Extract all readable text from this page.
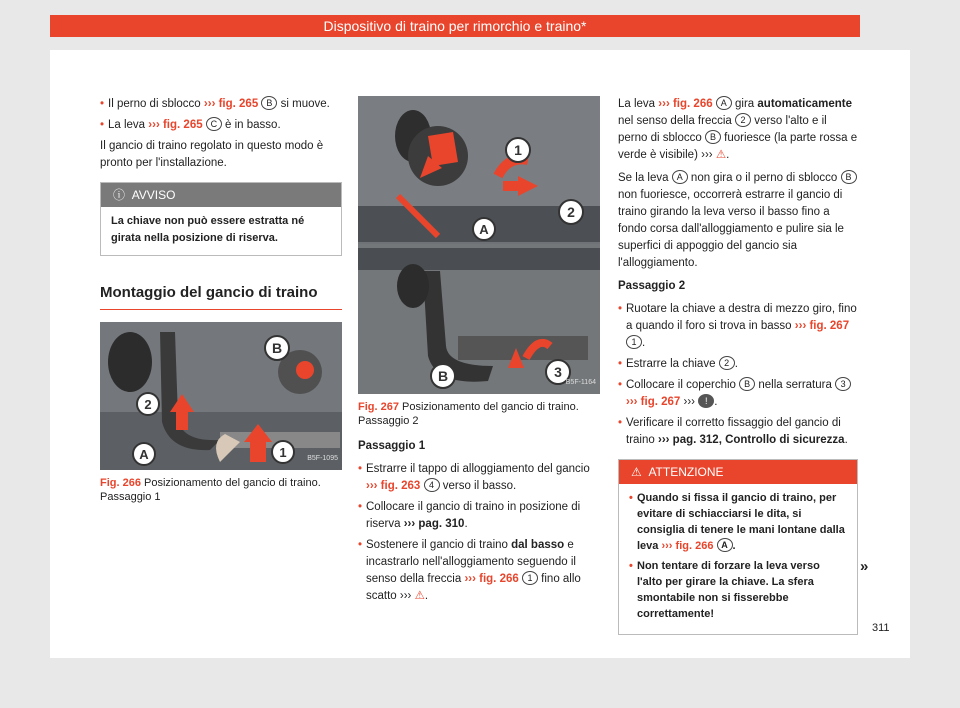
Dispositivo di traino per rimorchio e traino*
• Il perno di sblocco ››› fig. 265 B si muove.
• La leva ››› fig. 265 C è in basso.

Il gancio di traino regolato in questo modo è pronto per l'installazione.

ⓘ AVVISO
La chiave non può essere estratta né girata nella posizione di riserva.
Montaggio del gancio di traino
B
2
A	1	B5F-1095
Fig. 266 Posizionamento del gancio di traino. Passaggio 1
1
2
A
B	3
B5F-1164
Fig. 267 Posizionamento del gancio di traino. Passaggio 2

Passaggio 1

• Estrarre il tappo di alloggiamento del gancio ››› fig. 263 4 verso il basso.
• Collocare il gancio di traino in posizione di riserva ››› pag. 310.
• Sostenere il gancio di traino dal basso e incastrarlo nell'alloggiamento seguendo il senso della freccia ››› fig. 266 1 fino allo scatto ››› ⚠.

La leva ››› fig. 266 A gira automaticamente nel senso della freccia 2 verso l'alto e il perno di sblocco B fuoriesce (la parte rossa e verde è visibile) ››› ⚠.

Se la leva A non gira o il perno di sblocco B non fuoriesce, occorrerà estrarre il gancio di traino girando la leva verso il basso fino a fondo corsa dall'alloggiamento e pulire sia le superfici di appoggio del gancio sia l'alloggiamento.

Passaggio 2

• Ruotare la chiave a destra di mezzo giro, fino a quando il foro si trova in basso ››› fig. 267 1 .
• Estrarre la chiave 2 .
• Collocare il coperchio B nella serratura 3 ››› fig. 267 ››› ! .
• Verificare il corretto fissaggio del gancio di traino ››› pag. 312, Controllo di sicurezza.
⚠ ATTENZIONE
• Quando si fissa il gancio di traino, per evitare di schiacciarsi le dita, si consiglia di tenere le mani lontane dalla leva ››› fig. 266 A .
• Non tentare di forzare la leva verso l'alto per girare la chiave. La sfera smontabile non si fisserebbe correttamente!
»
311
